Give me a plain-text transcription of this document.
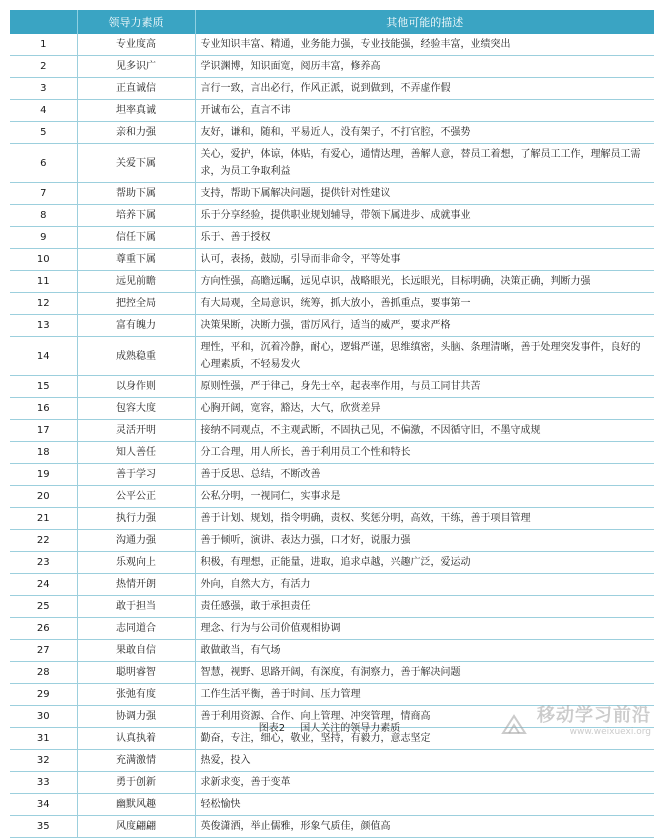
	领导力素质	其他可能的描述
1	专业度高	专业知识丰富、精通，业务能力强，专业技能强，经验丰富，业绩突出
2	见多识广	学识渊博，知识面宽，阅历丰富，修养高
3	正直诚信	言行一致，言出必行，作风正派，说到做到，不弄虚作假
4	坦率真诚	开诚布公，直言不讳
5	亲和力强	友好，谦和，随和，平易近人，没有架子，不打官腔，不强势
6	关爱下属	关心，爱护，体谅，体贴，有爱心，通情达理，善解人意，替员工着想，了解员工工作，理解员工需求，为员工争取利益
7	帮助下属	支持，帮助下属解决问题，提供针对性建议
8	培养下属	乐于分享经验，提供职业规划辅导，带领下属进步、成就事业
9	信任下属	乐于、善于授权
10	尊重下属	认可，表扬，鼓励，引导而非命令，平等处事
11	远见前瞻	方向性强，高瞻远瞩，远见卓识，战略眼光，长远眼光，目标明确，决策正确，判断力强
12	把控全局	有大局观，全局意识，统筹，抓大放小，善抓重点，要事第一
13	富有魄力	决策果断，决断力强，雷厉风行，适当的威严，要求严格
14	成熟稳重	理性，平和，沉着冷静，耐心，逻辑严谨，思维缜密，头脑、条理清晰，善于处理突发事件，良好的心理素质，不轻易发火
15	以身作则	原则性强，严于律己，身先士卒，起表率作用，与员工同甘共苦
16	包容大度	心胸开阔，宽容，豁达，大气，欣赏差异
17	灵活开明	接纳不同观点，不主观武断，不固执己见，不偏激，不因循守旧，不墨守成规
18	知人善任	分工合理，用人所长，善于利用员工个性和特长
19	善于学习	善于反思、总结，不断改善
20	公平公正	公私分明，一视同仁，实事求是
21	执行力强	善于计划、规划，指令明确，责权、奖惩分明，高效，干练，善于项目管理
22	沟通力强	善于倾听，演讲、表达力强，口才好，说服力强
23	乐观向上	积极，有理想，正能量，进取，追求卓越，兴趣广泛，爱运动
24	热情开朗	外向，自然大方，有活力
25	敢于担当	责任感强，敢于承担责任
26	志同道合	理念、行为与公司价值观相协调
27	果敢自信	敢做敢当，有气场
28	聪明睿智	智慧，视野、思路开阔，有深度，有洞察力，善于解决问题
29	张弛有度	工作生活平衡，善于时间、压力管理
30	协调力强	善于利用资源、合作、向上管理、冲突管理，情商高
31	认真执着	勤奋，专注，细心，敬业，坚持，有毅力，意志坚定
32	充满激情	热爱，投入
33	勇于创新	求新求变，善于变革
34	幽默风趣	轻松愉快
35	风度翩翩	英俊潇洒，举止儒雅，形象气质佳，颜值高
图表2 国人关注的领导力素质
移动学习前沿
www.weixuexi.org
